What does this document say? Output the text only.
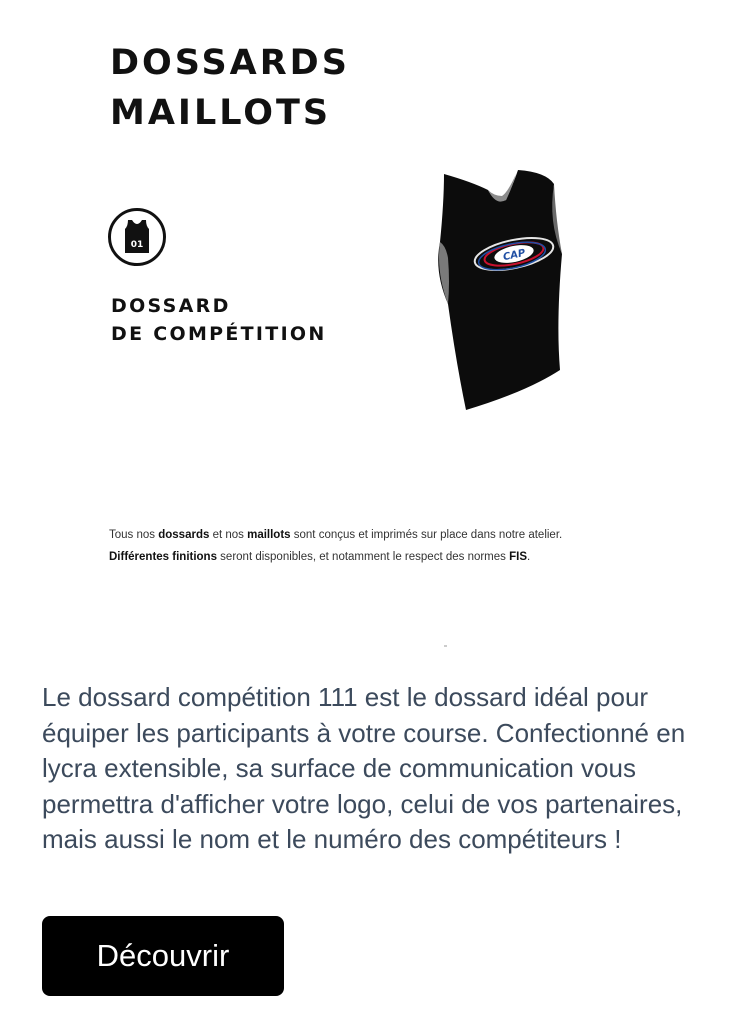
DOSSARDS
MAILLOTS
01
DOSSARD
DE COMPÉTITION
CAP
Tous nos dossards et nos maillots sont conçus et imprimés sur place dans notre atelier.
Différentes finitions seront disponibles, et notamment le respect des normes FIS.

Le dossard compétition 111 est le dossard idéal pour équiper les participants à votre course. Confectionné en lycra extensible, sa surface de communication vous permettra d'afficher votre logo, celui de vos partenaires, mais aussi le nom et le numéro des compétiteurs !

Découvrir
